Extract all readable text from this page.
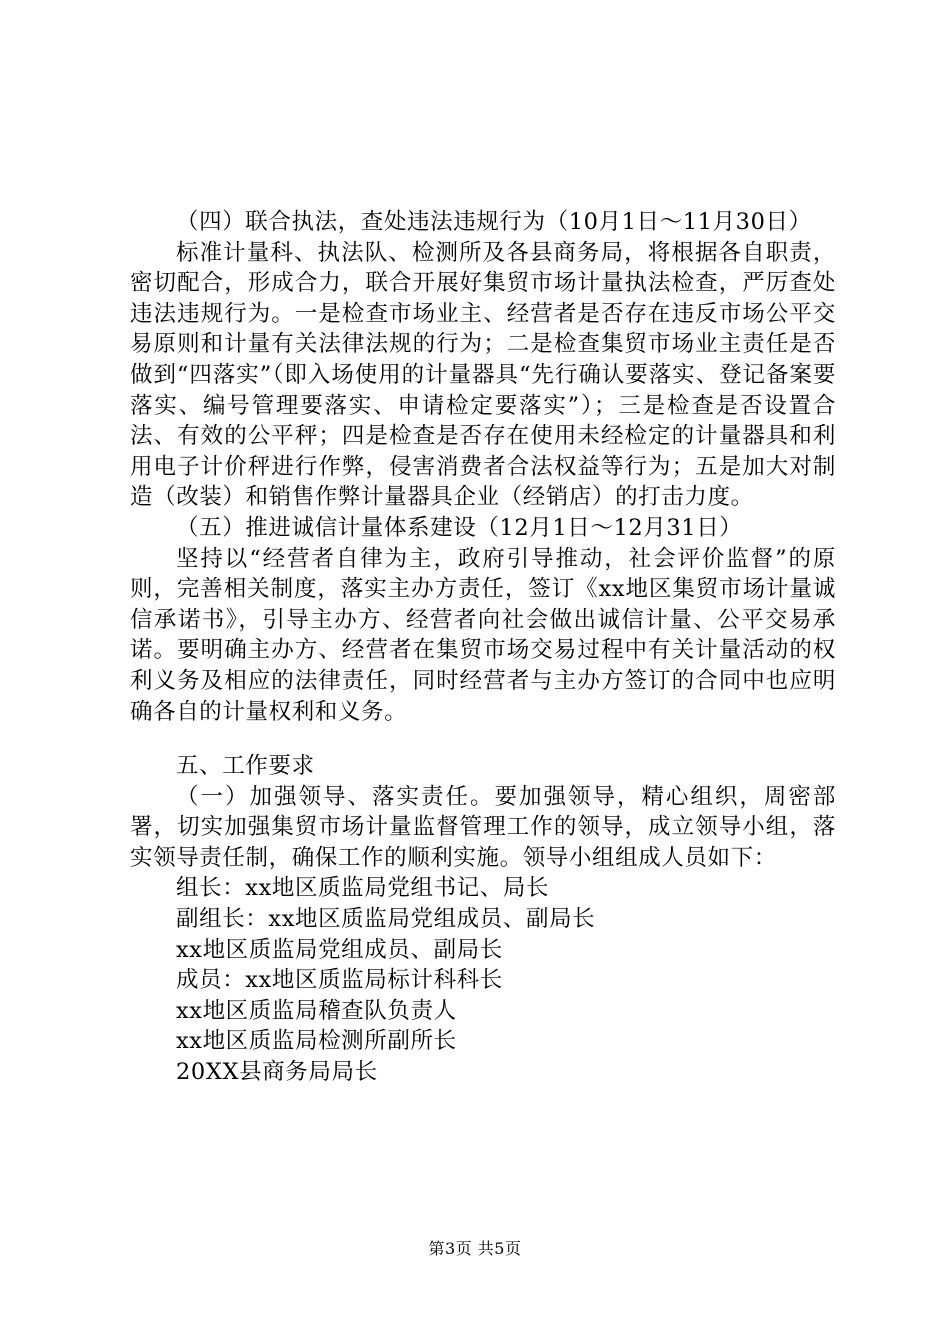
（四）联合执法，查处违法违规行为（10月1日～11月30日）

标准计量科、执法队、检测所及各县商务局，将根据各自职责，密切配合，形成合力，联合开展好集贸市场计量执法检查，严厉查处违法违规行为。一是检查市场业主、经营者是否存在违反市场公平交易原则和计量有关法律法规的行为；二是检查集贸市场业主责任是否做到“四落实”（即入场使用的计量器具“先行确认要落实、登记备案要落实、编号管理要落实、申请检定要落实”）；三是检查是否设置合法、有效的公平秤；四是检查是否存在使用未经检定的计量器具和利用电子计价秤进行作弊，侵害消费者合法权益等行为；五是加大对制造（改装）和销售作弊计量器具企业（经销店）的打击力度。

（五）推进诚信计量体系建设（12月1日～12月31日）

坚持以“经营者自律为主，政府引导推动，社会评价监督”的原则，完善相关制度，落实主办方责任，签订《xx地区集贸市场计量诚信承诺书》，引导主办方、经营者向社会做出诚信计量、公平交易承诺。要明确主办方、经营者在集贸市场交易过程中有关计量活动的权利义务及相应的法律责任，同时经营者与主办方签订的合同中也应明确各自的计量权利和义务。

五、工作要求

（一）加强领导、落实责任。要加强领导，精心组织，周密部署，切实加强集贸市场计量监督管理工作的领导，成立领导小组，落实领导责任制，确保工作的顺利实施。领导小组组成人员如下：

组长：xx地区质监局党组书记、局长

副组长：xx地区质监局党组成员、副局长

xx地区质监局党组成员、副局长

成员：xx地区质监局标计科科长

xx地区质监局稽查队负责人

xx地区质监局检测所副所长

20XX县商务局局长

第3页 共5页
